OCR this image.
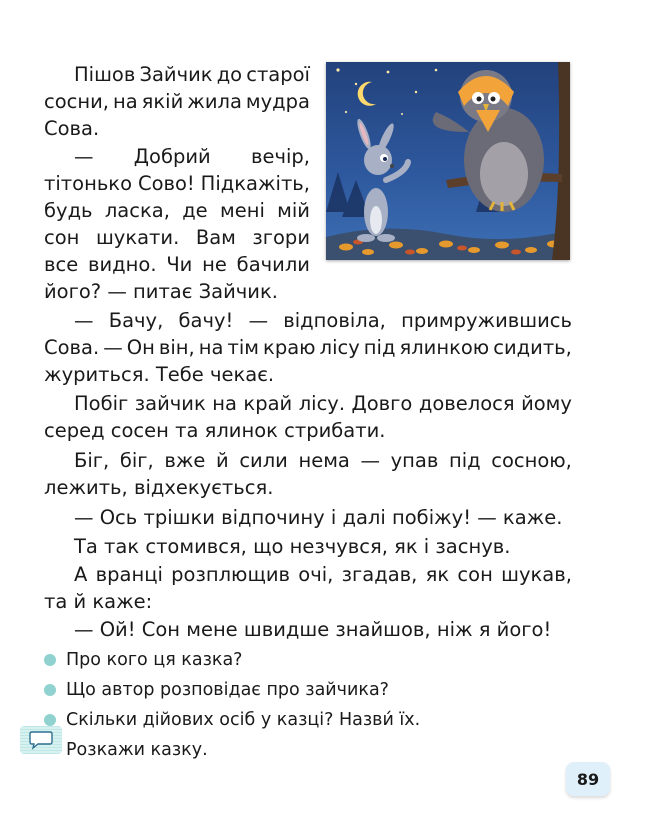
Пішов Зайчик до старої
сосни, на якій жила мудра
Сова.
— Добрий вечір,
тітонько Сово! Підкажіть,
будь ласка, де мені мій
сон шукати. Вам згори
все видно. Чи не бачили
його? — питає Зайчик.
— Бачу, бачу! — відповіла, примружившись
Сова. — Он він, на тім краю лісу під ялинкою сидить,
журиться. Тебе чекає.
Побіг зайчик на край лісу. Довго довелося йому
серед сосен та ялинок стрибати.
Біг, біг, вже й сили нема — упав під сосною,
лежить, відхекується.
— Ось трішки відпочину і далі побіжу! — каже.
Та так стомився, що незчувся, як і заснув.
А вранці розплющив очі, згадав, як сон шукав,
та й каже:
— Ой! Сон мене швидше знайшов, ніж я його!
Про кого ця казка?
Що автор розповідає про зайчика?
Скільки дійових осіб у казці? Назви́ їх.
Розкажи казку.
89
